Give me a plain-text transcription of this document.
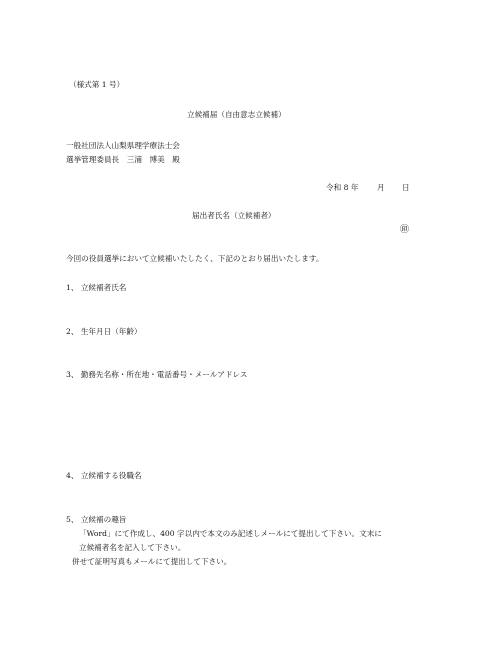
（様式第 1 号）
立候補届（自由意志立候補）
一般社団法人山梨県理学療法士会
選挙管理委員長　三浦　博美　殿
令和 8 年 月 日
届出者氏名（立候補者）
㊞
今回の役員選挙において立候補いたしたく、下記のとおり届出いたします。
1、 立候補者氏名
2、 生年月日（年齢）
3、 勤務先名称・所在地・電話番号・メールアドレス
4、 立候補する役職名
5、 立候補の趣旨
「Word」にて作成し、400 字以内で本文のみ記述しメールにて提出して下さい。文末に
立候補者名を記入して下さい。
併せて証明写真もメールにて提出して下さい。
